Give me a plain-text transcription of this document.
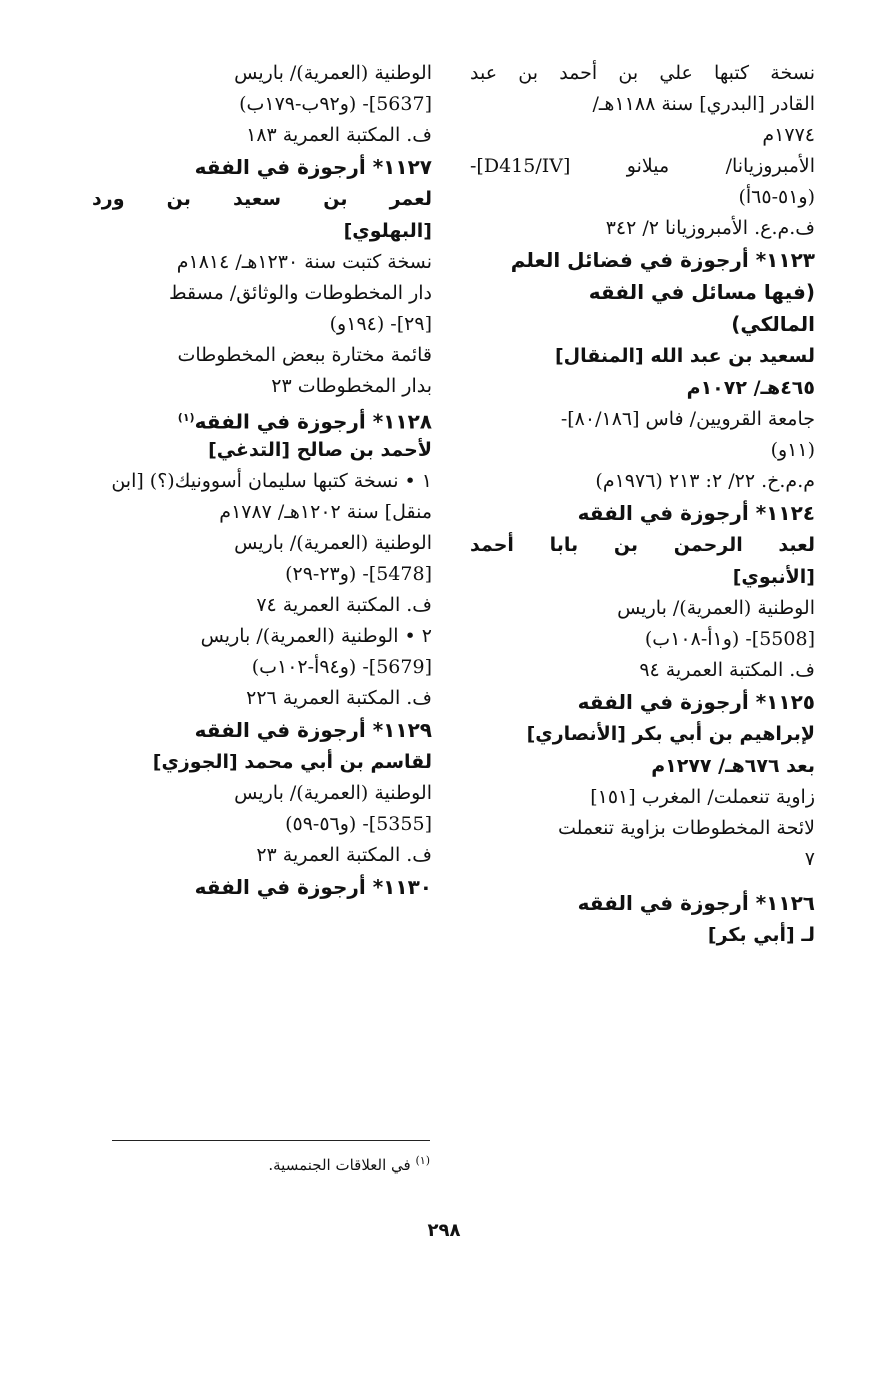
نسخة كتبها علي بن أحمد بن عبد
القادر [البدري] سنة ١١٨٨هـ/
١٧٧٤م
الأمبروزيانا/ ميلانو [D415/IV]-
(و٥١-٦٥أ)
ف.م.ع. الأمبروزيانا ٢/ ٣٤٢
١١٢٣* أرجوزة في فضائل العلم
(فيها مسائل في الفقه
المالكي)
لسعيد بن عبد الله [المنقال]
٤٦٥هـ/ ١٠٧٢م
جامعة القرويين/ فاس [٨٠/١٨٦]-
(١١و)
م.م.خ. ٢٢/ ٢: ٢١٣ (١٩٧٦م)
١١٢٤* أرجوزة في الفقه
لعبد الرحمن بن بابا أحمد
[الأنبوي]
الوطنية (العمرية)/ باريس
[5508]- (و١أ-١٠٨ب)
ف. المكتبة العمرية ٩٤
١١٢٥* أرجوزة في الفقه
لإبراهيم بن أبي بكر [الأنصاري]
بعد ٦٧٦هـ/ ١٢٧٧م
زاوية تنعملت/ المغرب [١٥١]
لائحة المخطوطات بزاوية تنعملت
٧
١١٢٦* أرجوزة في الفقه
لـ [أبي بكر]
الوطنية (العمرية)/ باريس
[5637]- (و٩٢ب-١٧٩ب)
ف. المكتبة العمرية ١٨٣
١١٢٧* أرجوزة في الفقه
لعمر بن سعيد بن ورد
[البهلوي]
نسخة كتبت سنة ١٢٣٠هـ/ ١٨١٤م
دار المخطوطات والوثائق/ مسقط
[٢٩]- (١٩٤و)
قائمة مختارة ببعض المخطوطات
بدار المخطوطات ٢٣
١١٢٨* أرجوزة في الفقه$^{(١)}$
لأحمد بن صالح [التدغي]
١ • نسخة كتبها سليمان أسوونيك(؟) [ابن
منقل] سنة ١٢٠٢هـ/ ١٧٨٧م
الوطنية (العمرية)/ باريس
[5478]- (و٢٣-٢٩)
ف. المكتبة العمرية ٧٤
٢ • الوطنية (العمرية)/ باريس
[5679]- (و٩٤أ-١٠٢ب)
ف. المكتبة العمرية ٢٢٦
١١٢٩* أرجوزة في الفقه
لقاسم بن أبي محمد [الجوزي]
الوطنية (العمرية)/ باريس
[5355]- (و٥٦-٥٩)
ف. المكتبة العمرية ٢٣
١١٣٠* أرجوزة في الفقه
$^{(١)}$ في العلاقات الجنمسية.
٢٩٨
